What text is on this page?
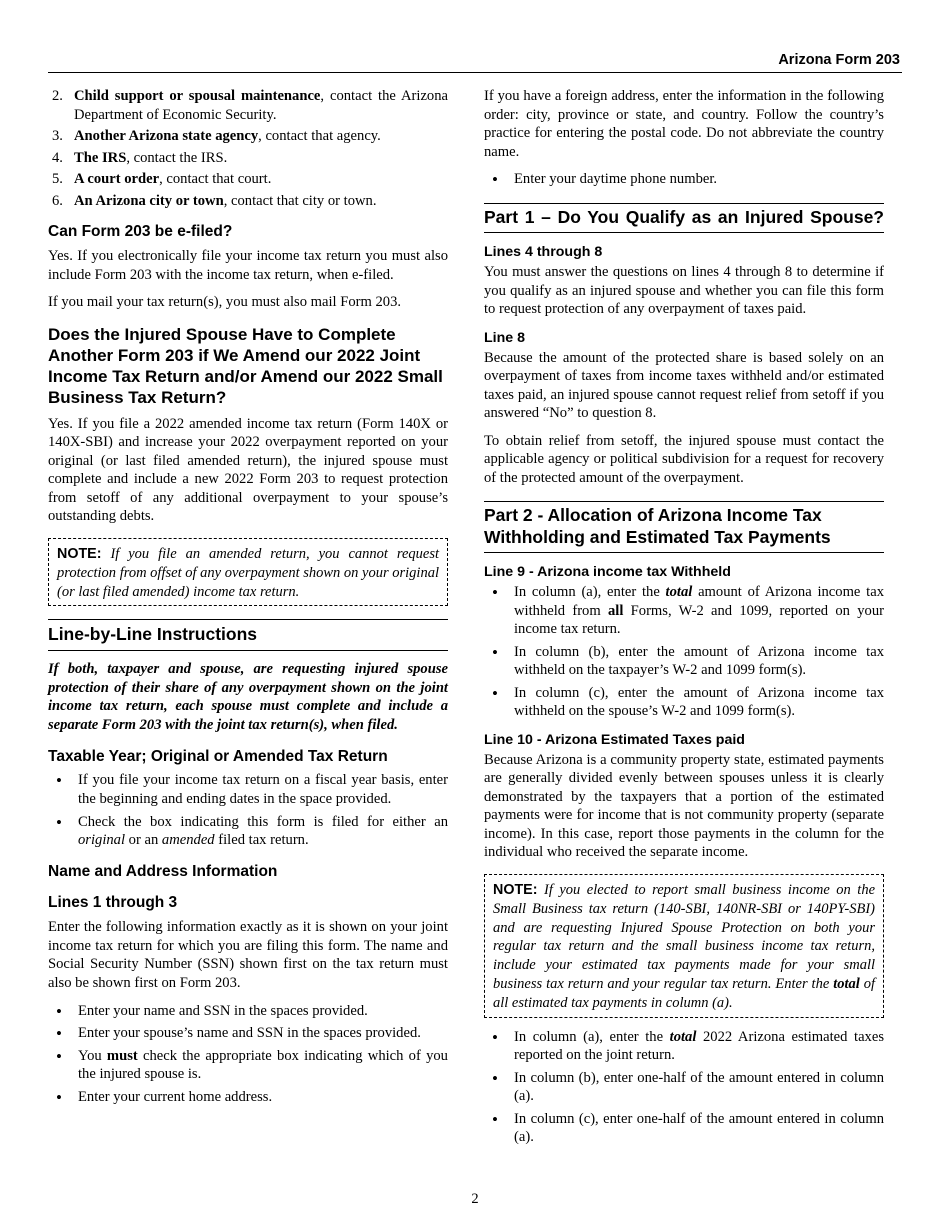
Arizona Form 203
2. Child support or spousal maintenance, contact the Arizona Department of Economic Security.
3. Another Arizona state agency, contact that agency.
4. The IRS, contact the IRS.
5. A court order, contact that court.
6. An Arizona city or town, contact that city or town.
Can Form 203 be e-filed?

Yes. If you electronically file your income tax return you must also include Form 203 with the income tax return, when e-filed.

If you mail your tax return(s), you must also mail Form 203.

Does the Injured Spouse Have to Complete Another Form 203 if We Amend our 2022 Joint Income Tax Return and/or Amend our 2022 Small Business Tax Return?

Yes. If you file a 2022 amended income tax return (Form 140X or 140X-SBI) and increase your 2022 overpayment reported on your original (or last filed amended return), the injured spouse must complete and include a new 2022 Form 203 to request protection from setoff of any additional overpayment to your spouse’s outstanding debts.

NOTE: If you file an amended return, you cannot request protection from offset of any overpayment shown on your original (or last filed amended) income tax return.

Line-by-Line Instructions

If both, taxpayer and spouse, are requesting injured spouse protection of their share of any overpayment shown on the joint income tax return, each spouse must complete and include a separate Form 203 with the joint tax return(s), when filed.

Taxable Year; Original or Amended Tax Return
• If you file your income tax return on a fiscal year basis, enter the beginning and ending dates in the space provided.
• Check the box indicating this form is filed for either an original or an amended filed tax return.
Name and Address Information
Lines 1 through 3

Enter the following information exactly as it is shown on your joint income tax return for which you are filing this form. The name and Social Security Number (SSN) shown first on the tax return must also be shown first on Form 203.

• Enter your name and SSN in the spaces provided.
• Enter your spouse’s name and SSN in the spaces provided.
• You must check the appropriate box indicating which of you the injured spouse is.
• Enter your current home address.

If you have a foreign address, enter the information in the following order: city, province or state, and country. Follow the country’s practice for entering the postal code. Do not abbreviate the country name.

• Enter your daytime phone number.
Part 1 – Do You Qualify as an Injured Spouse?
Lines 4 through 8

You must answer the questions on lines 4 through 8 to determine if you qualify as an injured spouse and whether you can file this form to request protection of any overpayment of taxes paid.

Line 8

Because the amount of the protected share is based solely on an overpayment of taxes from income taxes withheld and/or estimated taxes paid, an injured spouse cannot request relief from setoff if you answered “No” to question 8.

To obtain relief from setoff, the injured spouse must contact the applicable agency or political subdivision for a request for recovery of the protected amount of the overpayment.

Part 2 - Allocation of Arizona Income Tax Withholding and Estimated Tax Payments
Line 9 - Arizona income tax Withheld
• In column (a), enter the total amount of Arizona income tax withheld from all Forms, W-2 and 1099, reported on your income tax return.
• In column (b), enter the amount of Arizona income tax withheld on the taxpayer’s W-2 and 1099 form(s).
• In column (c), enter the amount of Arizona income tax withheld on the spouse’s W-2 and 1099 form(s).
Line 10 - Arizona Estimated Taxes paid

Because Arizona is a community property state, estimated payments are generally divided evenly between spouses unless it is clearly demonstrated by the taxpayers that a portion of the estimated payments were for income that is not community property (separate income). In this case, report those payments in the column for the individual who received the separate income.

NOTE: If you elected to report small business income on the Small Business tax return (140-SBI, 140NR-SBI or 140PY-SBI) and are requesting Injured Spouse Protection on both your regular tax return and the small business income tax return, include your estimated tax payments made for your small business tax return and your regular tax return. Enter the total of all estimated tax payments in column (a).

• In column (a), enter the total 2022 Arizona estimated taxes reported on the joint return.
• In column (b), enter one-half of the amount entered in column (a).
• In column (c), enter one-half of the amount entered in column (a).
2
